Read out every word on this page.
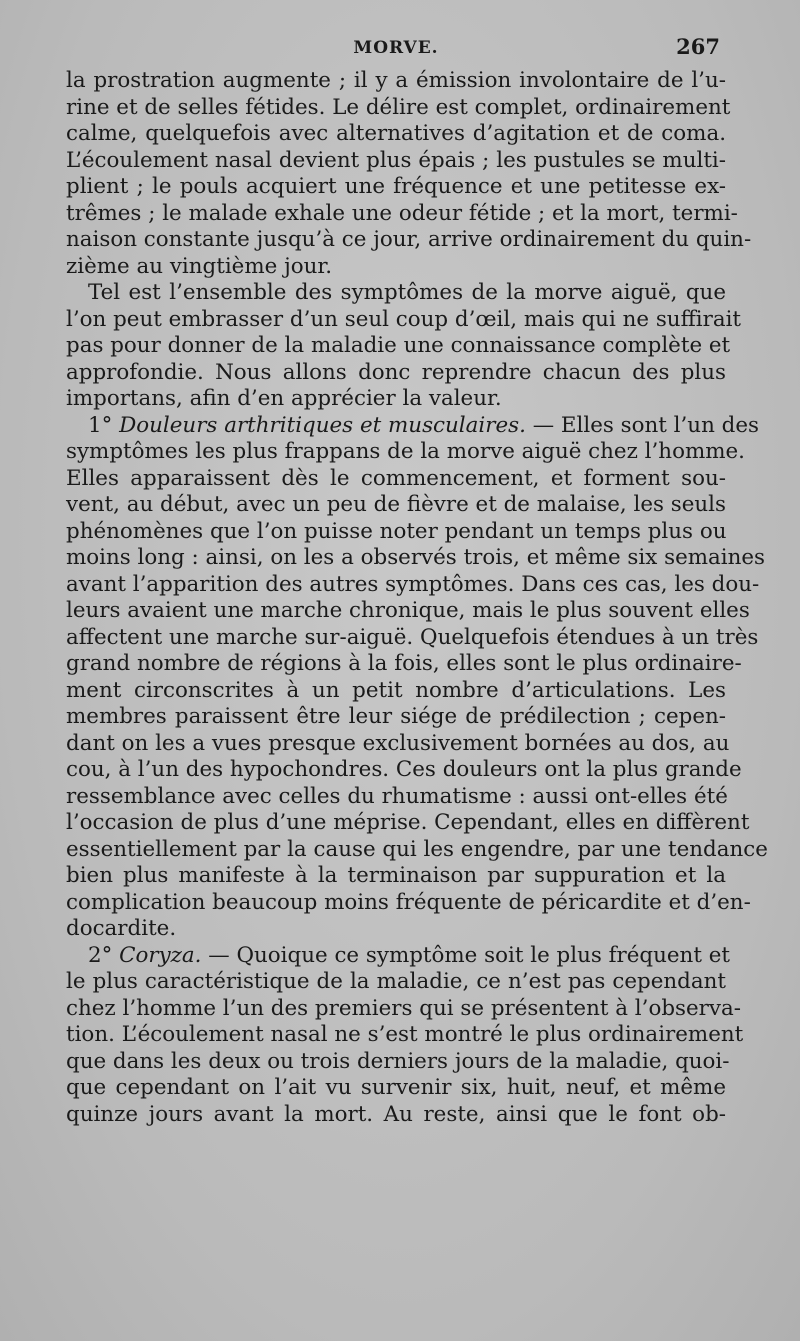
MORVE.	267
la prostration augmente ; il y a émission involontaire de l’u-
rine et de selles fétides. Le délire est complet, ordinairement
calme, quelquefois avec alternatives d’agitation et de coma.
L’écoulement nasal devient plus épais ; les pustules se multi-
plient ; le pouls acquiert une fréquence et une petitesse ex-
trêmes ; le malade exhale une odeur fétide ; et la mort, termi-
naison constante jusqu’à ce jour, arrive ordinairement du quin-
zième au vingtième jour.
Tel est l’ensemble des symptômes de la morve aiguë, que
l’on peut embrasser d’un seul coup d’œil, mais qui ne suffirait
pas pour donner de la maladie une connaissance complète et
approfondie. Nous allons donc reprendre chacun des plus
importans, afin d’en apprécier la valeur.
1° Douleurs arthritiques et musculaires. — Elles sont l’un des
symptômes les plus frappans de la morve aiguë chez l’homme.
Elles apparaissent dès le commencement, et forment sou-
vent, au début, avec un peu de fièvre et de malaise, les seuls
phénomènes que l’on puisse noter pendant un temps plus ou
moins long : ainsi, on les a observés trois, et même six semaines
avant l’apparition des autres symptômes. Dans ces cas, les dou-
leurs avaient une marche chronique, mais le plus souvent elles
affectent une marche sur-aiguë. Quelquefois étendues à un très
grand nombre de régions à la fois, elles sont le plus ordinaire-
ment circonscrites à un petit nombre d’articulations. Les
membres paraissent être leur siége de prédilection ; cepen-
dant on les a vues presque exclusivement bornées au dos, au
cou, à l’un des hypochondres. Ces douleurs ont la plus grande
ressemblance avec celles du rhumatisme : aussi ont-elles été
l’occasion de plus d’une méprise. Cependant, elles en diffèrent
essentiellement par la cause qui les engendre, par une tendance
bien plus manifeste à la terminaison par suppuration et la
complication beaucoup moins fréquente de péricardite et d’en-
docardite.
2° Coryza. — Quoique ce symptôme soit le plus fréquent et
le plus caractéristique de la maladie, ce n’est pas cependant
chez l’homme l’un des premiers qui se présentent à l’observa-
tion. L’écoulement nasal ne s’est montré le plus ordinairement
que dans les deux ou trois derniers jours de la maladie, quoi-
que cependant on l’ait vu survenir six, huit, neuf, et même
quinze jours avant la mort. Au reste, ainsi que le font ob-
